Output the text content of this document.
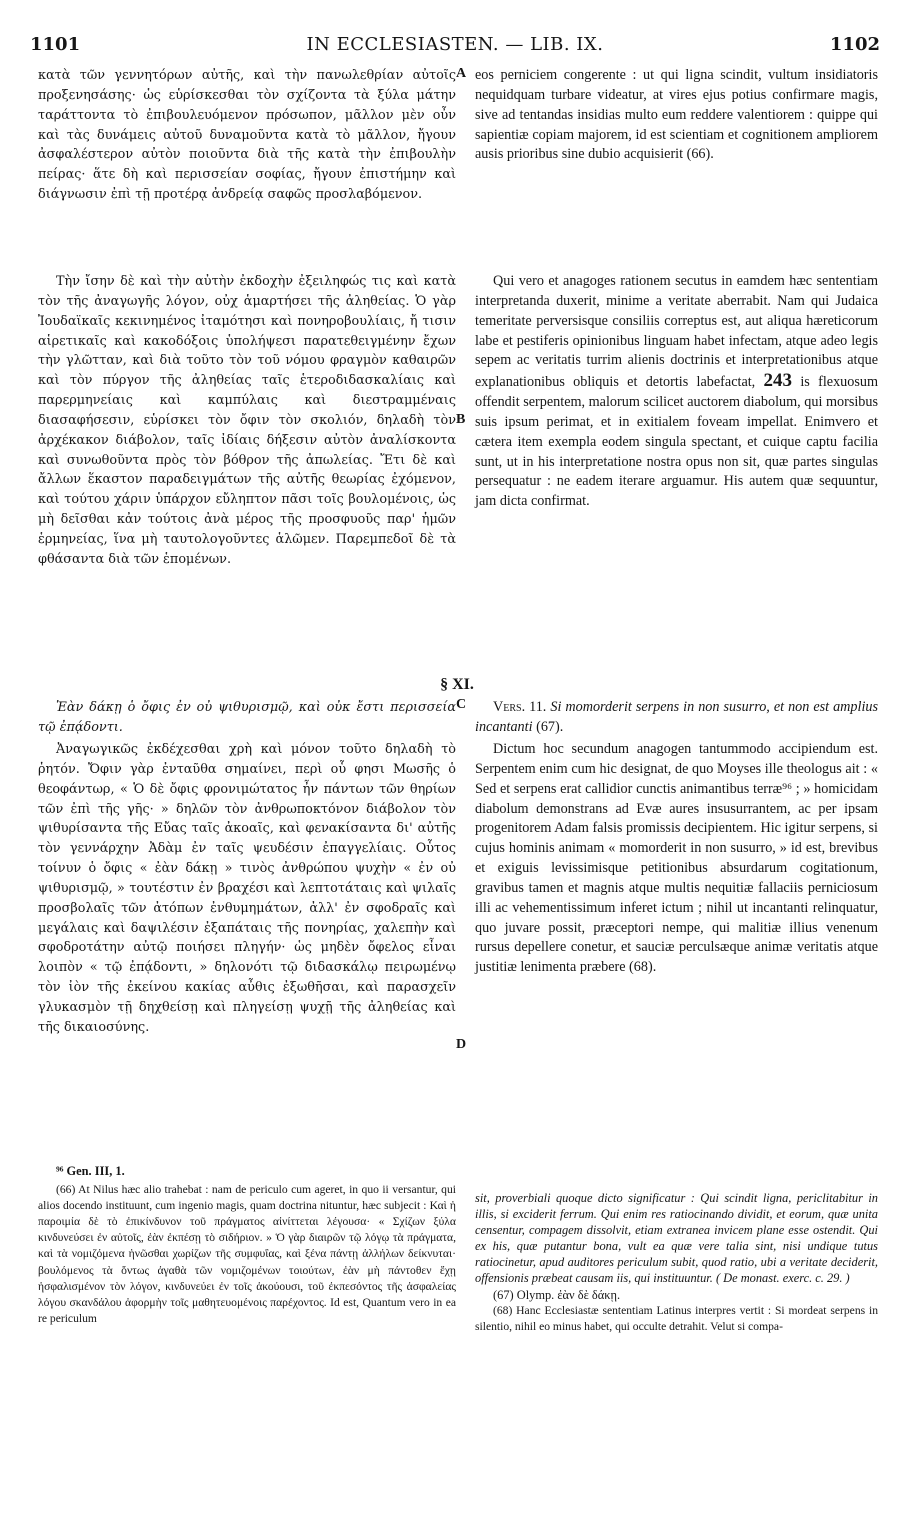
1101	IN ECCLESIASTEN. — LIB. IX.	1102
A
B
C
D

κατὰ τῶν γεννητόρων αὐτῆς, καὶ τὴν πανωλεθρίαν αὐτοῖς προξενησάσης· ὡς εὑρίσκεσθαι τὸν σχίζοντα τὰ ξύλα μάτην ταράττοντα τὸ ἐπιβουλευόμενον πρόσωπον, μᾶλλον μὲν οὖν καὶ τὰς δυνάμεις αὐτοῦ δυναμοῦντα κατὰ τὸ μᾶλλον, ἤγουν ἀσφαλέστερον αὐτὸν ποιοῦντα διὰ τῆς κατὰ τὴν ἐπιβουλὴν πείρας· ἅτε δὴ καὶ περισσείαν σοφίας, ἤγουν ἐπιστήμην καὶ διάγνωσιν ἐπὶ τῇ προτέρᾳ ἀνδρείᾳ σαφῶς προσλαβόμενον.

Τὴν ἴσην δὲ καὶ τὴν αὐτὴν ἐκδοχὴν ἐξειληφώς τις καὶ κατὰ τὸν τῆς ἀναγωγῆς λόγον, οὐχ ἁμαρτήσει τῆς ἀληθείας. Ὁ γὰρ Ἰουδαϊκαῖς κεκινημένος ἰταμότησι καὶ πονηροβουλίαις, ἤ τισιν αἱρετικαῖς καὶ κακοδόξοις ὑπολήψεσι παρατεθειγμένην ἔχων τὴν γλῶτταν, καὶ διὰ τοῦτο τὸν τοῦ νόμου φραγμὸν καθαιρῶν καὶ τὸν πύργον τῆς ἀληθείας ταῖς ἑτεροδιδασκαλίαις καὶ παρερμηνείαις καὶ καμπύλαις καὶ διεστραμμέναις διασαφήσεσιν, εὑρίσκει τὸν ὄφιν τὸν σκολιόν, δηλαδὴ τὸν ἀρχέκακον διάβολον, ταῖς ἰδίαις δήξεσιν αὐτὸν ἀναλίσκοντα καὶ συνωθοῦντα πρὸς τὸν βόθρον τῆς ἀπωλείας. Ἔτι δὲ καὶ ἄλλων ἕκαστον παραδειγμάτων τῆς αὐτῆς θεωρίας ἐχόμενον, καὶ τούτου χάριν ὑπάρχον εὔληπτον πᾶσι τοῖς βουλομένοις, ὡς μὴ δεῖσθαι κἀν τούτοις ἀνὰ μέρος τῆς προσφυοῦς παρ' ἡμῶν ἑρμηνείας, ἵνα μὴ ταυτολογοῦντες ἁλῶμεν. Παρεμπεδοῖ δὲ τὰ φθάσαντα διὰ τῶν ἑπομένων.

§ XI.

Ἐὰν δάκῃ ὁ ὄφις ἐν οὐ ψιθυρισμῷ, καὶ οὐκ ἔστι περισσεία τῷ ἐπᾴδοντι.

Ἀναγωγικῶς ἐκδέχεσθαι χρὴ καὶ μόνον τοῦτο δηλαδὴ τὸ ῥητόν. Ὄφιν γὰρ ἐνταῦθα σημαίνει, περὶ οὗ φησι Μωσῆς ὁ θεοφάντωρ, « Ὁ δὲ ὄφις φρονιμώτατος ἦν πάντων τῶν θηρίων τῶν ἐπὶ τῆς γῆς· » δηλῶν τὸν ἀνθρωποκτόνον διάβολον τὸν ψιθυρίσαντα τῆς Εὔας ταῖς ἀκοαῖς, καὶ φενακίσαντα δι' αὐτῆς τὸν γεννάρχην Ἀδὰμ ἐν ταῖς ψευδέσιν ἐπαγγελίαις. Οὗτος τοίνυν ὁ ὄφις « ἐὰν δάκῃ » τινὸς ἀνθρώπου ψυχὴν « ἐν οὐ ψιθυρισμῷ, » τουτέστιν ἐν βραχέσι καὶ λεπτοτάταις καὶ ψιλαῖς προσβολαῖς τῶν ἀτόπων ἐνθυμημάτων, ἀλλ' ἐν σφοδραῖς καὶ μεγάλαις καὶ δαψιλέσιν ἐξαπάταις τῆς πονηρίας, χαλεπὴν καὶ σφοδροτάτην αὐτῷ ποιήσει πληγήν· ὡς μηδὲν ὄφελος εἶναι λοιπὸν « τῷ ἐπᾴδοντι, » δηλονότι τῷ διδασκάλῳ πειρωμένῳ τὸν ἰὸν τῆς ἐκείνου κακίας αὖθις ἐξωθῆσαι, καὶ παρασχεῖν γλυκασμὸν τῇ δηχθείσῃ καὶ πληγείσῃ ψυχῇ τῆς ἀληθείας καὶ τῆς δικαιοσύνης.

eos perniciem congerente : ut qui ligna scindit, vultum insidiatoris nequidquam turbare videatur, at vires ejus potius confirmare magis, sive ad tentandas insidias multo eum reddere valentiorem : quippe qui sapientiæ copiam majorem, id est scientiam et cognitionem ampliorem ausis prioribus sine dubio acquisierit (66).

Qui vero et anagoges rationem secutus in eamdem hæc sententiam interpretanda duxerit, minime a veritate aberrabit. Nam qui Judaica temeritate perversisque consiliis correptus est, aut aliqua hæreticorum labe et pestiferis opinionibus linguam habet infectam, atque adeo legis sepem ac veritatis turrim alienis doctrinis et interpretationibus atque explanationibus obliquis et detortis labefactat, 243 is flexuosum offendit serpentem, malorum scilicet auctorem diabolum, qui morsibus suis ipsum perimat, et in exitialem foveam impellat. Enimvero et cætera item exempla eodem singula spectant, et cuique captu facilia sunt, ut in his interpretatione nostra opus non sit, quæ partes singulas persequatur : ne eadem iterare arguamur. His autem quæ sequuntur, jam dicta confirmat.

Vers. 11. Si momorderit serpens in non susurro, et non est amplius incantanti (67).

Dictum hoc secundum anagogen tantummodo accipiendum est. Serpentem enim cum hic designat, de quo Moyses ille theologus ait : « Sed et serpens erat callidior cunctis animantibus terræ⁹⁶ ; » homicidam diabolum demonstrans ad Evæ aures insusurrantem, ac per ipsam progenitorem Adam falsis promissis decipientem. Hic igitur serpens, si cujus hominis animam « momorderit in non susurro, » id est, brevibus et exiguis levissimisque petitionibus absurdarum cogitationum, gravibus tamen et magnis atque multis nequitiæ fallaciis perniciosum illi ac vehementissimum inferet ictum ; nihil ut incantanti relinquatur, quo juvare possit, præceptori nempe, qui malitiæ illius venenum rursus depellere conetur, et sauciæ perculsæque animæ veritatis atque justitiæ lenimenta præbere (68).

⁹⁶ Gen. III, 1.

(66) At Nilus hæc alio trahebat : nam de periculo cum ageret, in quo ii versantur, qui alios docendo instituunt, cum ingenio magis, quam doctrina nituntur, hæc subjecit : Καὶ ἡ παροιμία δὲ τὸ ἐπικίνδυνον τοῦ πράγματος αἰνίττεται λέγουσα· « Σχίζων ξύλα κινδυνεύσει ἐν αὐτοῖς, ἐὰν ἐκπέσῃ τὸ σιδήριον. » Ὁ γὰρ διαιρῶν τῷ λόγῳ τὰ πράγματα, καὶ τὰ νομιζόμενα ἡνῶσθαι χωρίζων τῆς συμφυΐας, καὶ ξένα πάντῃ ἀλλήλων δείκνυται· βουλόμενος τὰ ὄντως ἀγαθὰ τῶν νομιζομένων τοιούτων, ἐὰν μὴ πάντοθεν ἔχῃ ἠσφαλισμένον τὸν λόγον, κινδυνεύει ἐν τοῖς ἀκούουσι, τοῦ ἐκπεσόντος τῆς ἀσφαλείας λόγου σκανδάλου ἀφορμὴν τοῖς μαθητευομένοις παρέχοντος. Id est, Quantum vero in ea re periculum

sit, proverbiali quoque dicto significatur : Qui scindit ligna, periclitabitur in illis, si exciderit ferrum. Qui enim res ratiocinando dividit, et eorum, quæ unita censentur, compagem dissolvit, etiam extranea invicem plane esse ostendit. Qui ex his, quæ putantur bona, vult ea quæ vere talia sint, nisi undique tutus ratiocinetur, apud auditores periculum subit, quod ratio, ubi a veritate deciderit, offensionis præbeat causam iis, qui instituuntur. ( De monast. exerc. c. 29. )

(67) Olymp. ἐὰν δὲ δάκῃ.

(68) Hanc Ecclesiastæ sententiam Latinus interpres vertit : Si mordeat serpens in silentio, nihil eo minus habet, qui occulte detrahit. Velut si compa-
